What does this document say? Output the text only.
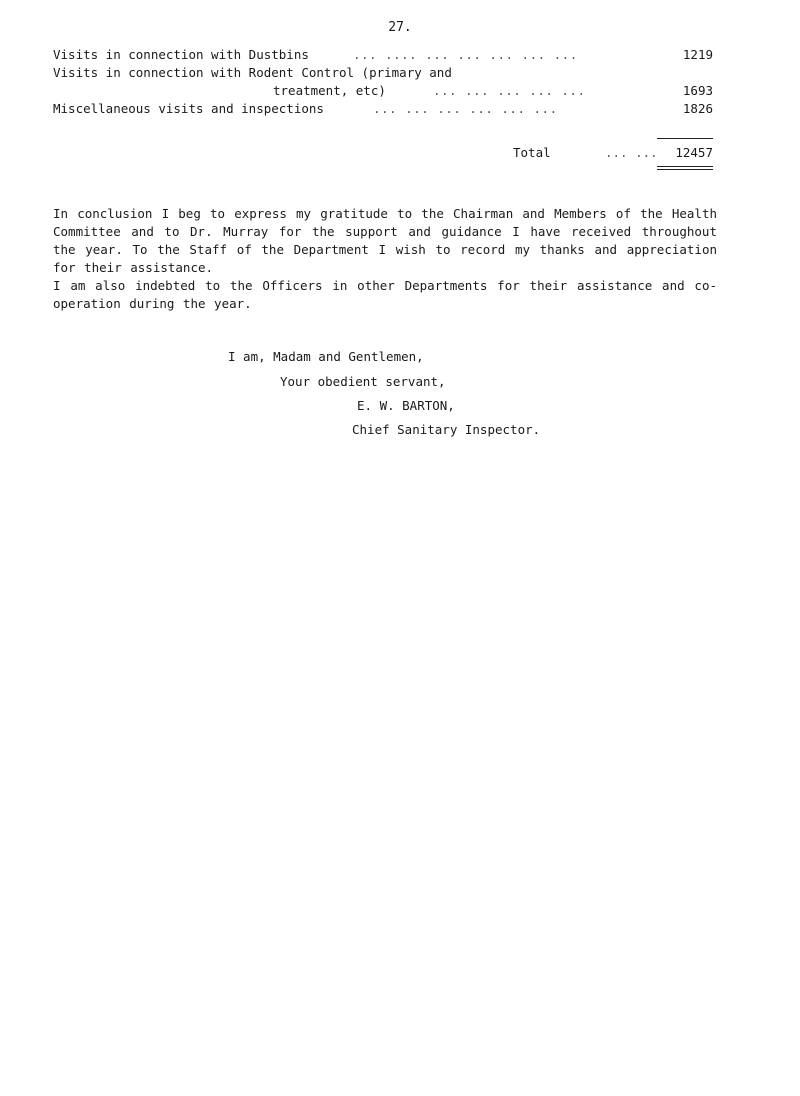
27.
Visits in connection with Dustbins	... .... ... ... ... ... ...	1219
Visits in connection with Rodent Control (primary and
treatment, etc)	... ... ... ... ...	1693
Miscellaneous visits and inspections	... ... ... ... ... ...	1826
Total	... ...	12457
In conclusion I beg to express my gratitude to the Chairman and Members of the Health Committee and to Dr. Murray for the support and guidance I have received throughout the year. To the Staff of the Department I wish to record my thanks and appreciation for their assistance.
I am also indebted to the Officers in other Departments for their assistance and co-operation during the year.
I am, Madam and Gentlemen,
Your obedient servant,
E. W. BARTON,
Chief Sanitary Inspector.
